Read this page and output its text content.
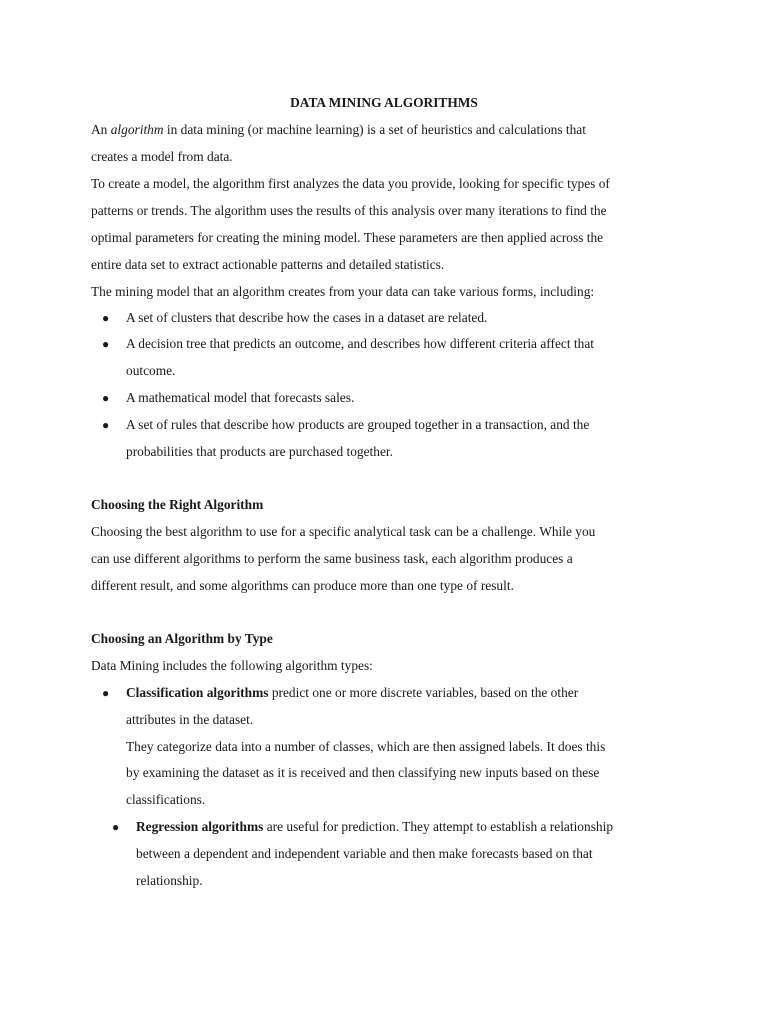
DATA MINING ALGORITHMS
An algorithm in data mining (or machine learning) is a set of heuristics and calculations that
creates a model from data.
To create a model, the algorithm first analyzes the data you provide, looking for specific types of
patterns or trends. The algorithm uses the results of this analysis over many iterations to find the
optimal parameters for creating the mining model. These parameters are then applied across the
entire data set to extract actionable patterns and detailed statistics.
The mining model that an algorithm creates from your data can take various forms, including:
● A set of clusters that describe how the cases in a dataset are related.
● A decision tree that predicts an outcome, and describes how different criteria affect that
outcome.
● A mathematical model that forecasts sales.
● A set of rules that describe how products are grouped together in a transaction, and the
probabilities that products are purchased together.
Choosing the Right Algorithm
Choosing the best algorithm to use for a specific analytical task can be a challenge. While you
can use different algorithms to perform the same business task, each algorithm produces a
different result, and some algorithms can produce more than one type of result.
Choosing an Algorithm by Type
Data Mining includes the following algorithm types:
● Classification algorithms predict one or more discrete variables, based on the other
attributes in the dataset.
They categorize data into a number of classes, which are then assigned labels. It does this
by examining the dataset as it is received and then classifying new inputs based on these
classifications.
● Regression algorithms are useful for prediction. They attempt to establish a relationship
between a dependent and independent variable and then make forecasts based on that
relationship.
